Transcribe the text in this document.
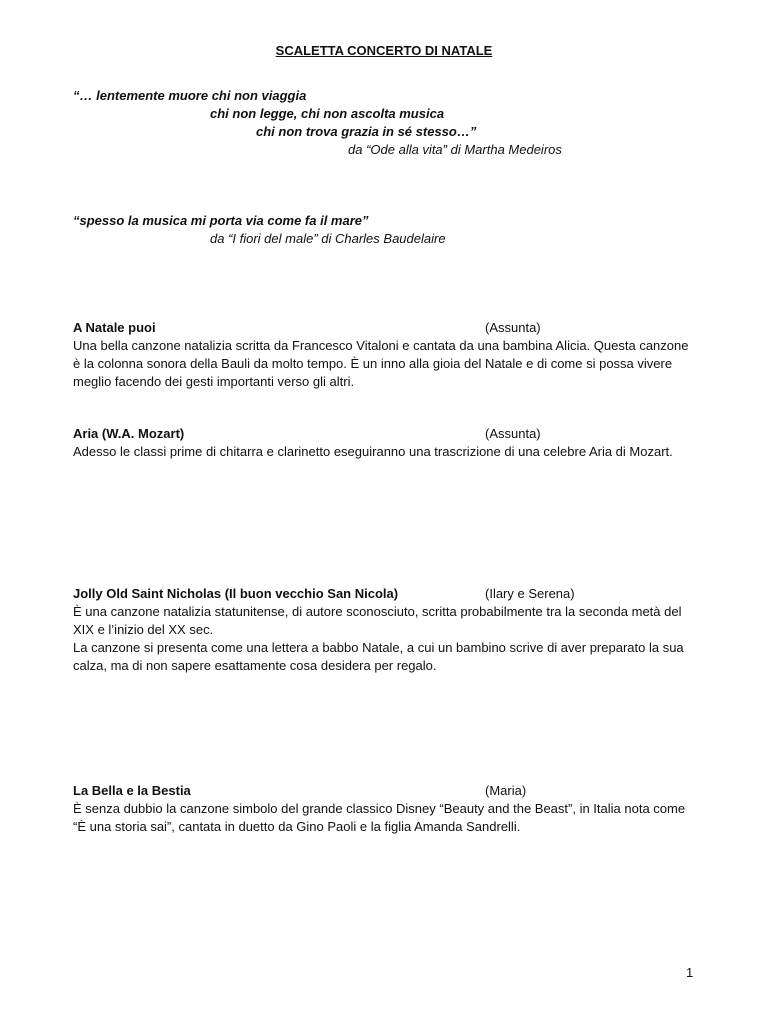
SCALETTA CONCERTO DI NATALE
“… lentemente muore chi non viaggia
chi non legge, chi non ascolta musica
chi non trova grazia in sé stesso…”
da “Ode alla vita” di Martha Medeiros
“spesso la musica mi porta via come fa il mare”
da “I fiori del male” di Charles Baudelaire
A Natale puoi	(Assunta)

Una bella canzone natalizia scritta da Francesco Vitaloni e cantata da una bambina Alicia. Questa canzone è la colonna sonora della Bauli da molto tempo. È un inno alla gioia del Natale e di come si possa vivere meglio facendo dei gesti importanti verso gli altri.

Aria (W.A. Mozart)	(Assunta)

Adesso le classi prime di chitarra e clarinetto eseguiranno una trascrizione di una celebre Aria di Mozart.

Jolly Old Saint Nicholas (Il buon vecchio San Nicola)	(Ilary e Serena)

È una canzone natalizia statunitense, di autore sconosciuto, scritta probabilmente tra la seconda metà del XIX e l’inizio del XX sec.

La canzone si presenta come una lettera a babbo Natale, a cui un bambino scrive di aver preparato la sua calza, ma di non sapere esattamente cosa desidera per regalo.

La Bella e la Bestia	(Maria)

È senza dubbio la canzone simbolo del grande classico Disney “Beauty and the Beast”, in Italia nota come “È una storia sai”, cantata in duetto da Gino Paoli e la figlia Amanda Sandrelli.

1
